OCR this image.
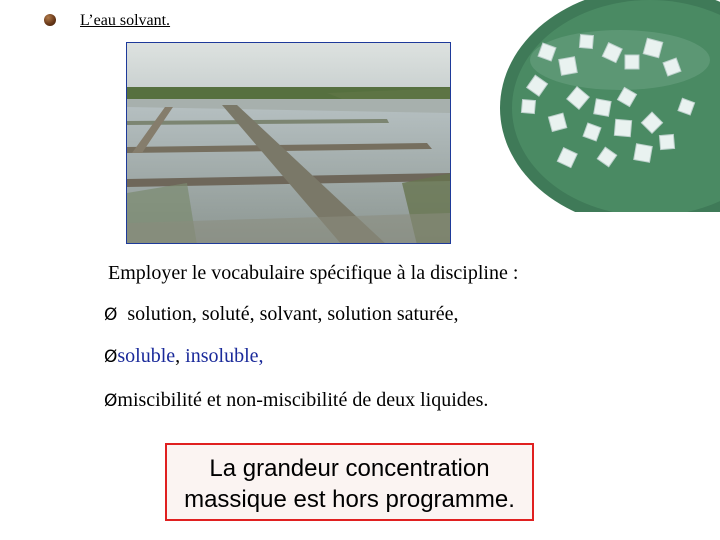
L’eau solvant.
Employer le vocabulaire spécifique à la discipline :
Ø solution, soluté, solvant, solution saturée,
Øsoluble, insoluble,
Ømiscibilité et non-miscibilité de deux liquides.
La grandeur concentration
massique est hors programme.
